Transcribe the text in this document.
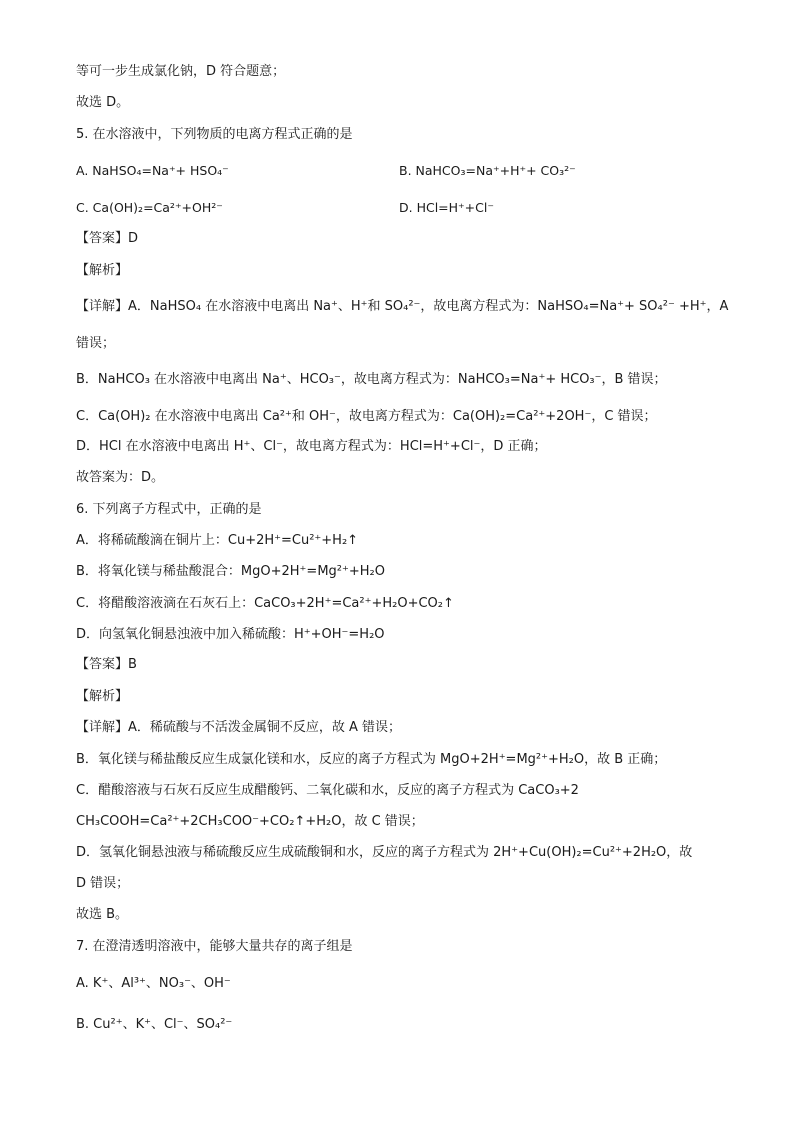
等可一步生成氯化钠，D 符合题意；
故选 D。
5. 在水溶液中，下列物质的电离方程式正确的是
A. NaHSO₄=Na⁺+ HSO₄⁻	B. NaHCO₃=Na⁺+H⁺+ CO₃²⁻
C. Ca(OH)₂=Ca²⁺+OH²⁻	D. HCl=H⁺+Cl⁻
【答案】D
【解析】
【详解】A．NaHSO₄ 在水溶液中电离出 Na⁺、H⁺和 SO₄²⁻，故电离方程式为：NaHSO₄=Na⁺+ SO₄²⁻ +H⁺，A
错误；
B．NaHCO₃ 在水溶液中电离出 Na⁺、HCO₃⁻，故电离方程式为：NaHCO₃=Na⁺+ HCO₃⁻，B 错误；
C．Ca(OH)₂ 在水溶液中电离出 Ca²⁺和 OH⁻，故电离方程式为：Ca(OH)₂=Ca²⁺+2OH⁻，C 错误；
D．HCl 在水溶液中电离出 H⁺、Cl⁻，故电离方程式为：HCl=H⁺+Cl⁻，D 正确；
故答案为：D。
6. 下列离子方程式中，正确的是
A．将稀硫酸滴在铜片上：Cu+2H⁺=Cu²⁺+H₂↑
B．将氧化镁与稀盐酸混合：MgO+2H⁺=Mg²⁺+H₂O
C．将醋酸溶液滴在石灰石上：CaCO₃+2H⁺=Ca²⁺+H₂O+CO₂↑
D．向氢氧化铜悬浊液中加入稀硫酸：H⁺+OH⁻=H₂O
【答案】B
【解析】
【详解】A．稀硫酸与不活泼金属铜不反应，故 A 错误；
B．氧化镁与稀盐酸反应生成氯化镁和水，反应的离子方程式为 MgO+2H⁺=Mg²⁺+H₂O，故 B 正确；
C．醋酸溶液与石灰石反应生成醋酸钙、二氧化碳和水，反应的离子方程式为 CaCO₃+2
CH₃COOH=Ca²⁺+2CH₃COO⁻+CO₂↑+H₂O，故 C 错误；
D．氢氧化铜悬浊液与稀硫酸反应生成硫酸铜和水，反应的离子方程式为 2H⁺+Cu(OH)₂=Cu²⁺+2H₂O，故
D 错误；
故选 B。
7. 在澄清透明溶液中，能够大量共存的离子组是
A. K⁺、Al³⁺、NO₃⁻、OH⁻
B. Cu²⁺、K⁺、Cl⁻、SO₄²⁻
